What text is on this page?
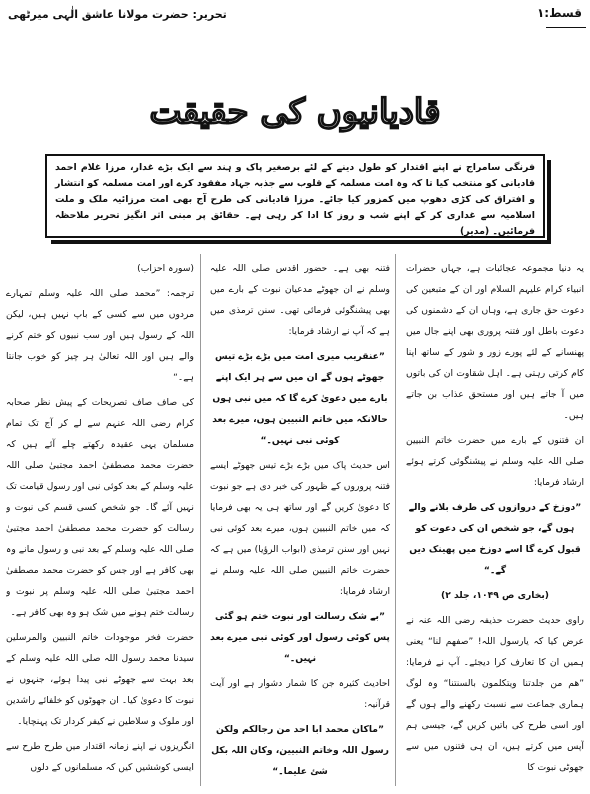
قسط:۱
تحریر: حضرت مولانا عاشق الٰہی میرٹھی
قادیانیوں کی حقیقت
فرنگی سامراج نے اپنے اقتدار کو طول دینے کے لئے برصغیر پاک و ہند سے ایک بڑے غدار، مرزا غلام احمد قادیانی کو منتخب کیا تا کہ وہ امت مسلمہ کے قلوب سے جذبہ جہاد مفقود کرے اور امت مسلمہ کو انتشار و افتراق کی کڑی دھوپ میں کمزور کیا جائے۔ مرزا قادیانی کی طرح آج بھی امت مرزائیہ ملک و ملت اسلامیہ سے غداری کر کے اپنے شب و روز کا ادا کر رہی ہے۔ حقائق پر مبنی اثر انگیز تحریر ملاحظہ فرمائیں۔ (مدیر)

یہ دنیا مجموعہ عجائبات ہے، جہاں حضرات انبیاء کرام علیہم السلام اور ان کے متبعین کی دعوت حق جاری ہے، وہاں ان کے دشمنوں کی دعوت باطل اور فتنہ پروری بھی اپنے جال میں پھنسانے کے لئے پورے زور و شور کے ساتھ اپنا کام کرتی رہتی ہے۔ اہل شقاوت ان کی باتوں میں آ جاتے ہیں اور مستحق عذاب بن جاتے ہیں۔

ان فتنوں کے بارے میں حضرت خاتم النبیین صلی اللہ علیہ وسلم نے پیشنگوئی کرتے ہوئے ارشاد فرمایا:

”دوزخ کے دروازوں کی طرف بلانے والے ہوں گے، جو شخص ان کی دعوت کو قبول کرے گا اسے دوزخ میں پھینک دیں گے۔“

(بخاری ص ۱۰۴۹، جلد ۲)

راوی حدیث حضرت حذیفہ رضی اللہ عنہ نے عرض کیا کہ یارسول اللہ! ”صفھم لنا“ یعنی ہمیں ان کا تعارف کرا دیجئے۔ آپ نے فرمایا: ”ھم من جلدتنا ویتکلمون بالسنتنا“ وہ لوگ ہماری جماعت سے نسبت رکھنے والے ہوں گے اور اسی طرح کی باتیں کریں گے، جیسی ہم آپس میں کرتے ہیں، ان ہی فتنوں میں سے جھوٹی نبوت کا

فتنہ بھی ہے۔ حضور اقدس صلی اللہ علیہ وسلم نے ان جھوٹے مدعیان نبوت کے بارے میں بھی پیشنگوئی فرمائی تھی۔ سنن ترمذی میں ہے کہ آپ نے ارشاد فرمایا:

”عنقریب میری امت میں بڑے بڑے تیس جھوٹے ہوں گے ان میں سے ہر ایک اپنے بارے میں دعویٰ کرے گا کہ میں نبی ہوں حالانکہ میں خاتم النبیین ہوں، میرے بعد کوئی نبی نہیں۔“

اس حدیث پاک میں بڑے بڑے تیس جھوٹے ایسے فتنہ پروروں کے ظہور کی خبر دی ہے جو نبوت کا دعویٰ کریں گے اور ساتھ ہی یہ بھی فرمایا کہ میں خاتم النبیین ہوں، میرے بعد کوئی نبی نہیں اور سنن ترمذی (ابواب الرؤیا) میں ہے کہ حضرت خاتم النبیین صلی اللہ علیہ وسلم نے ارشاد فرمایا:

”بے شک رسالت اور نبوت ختم ہو گئی پس کوئی رسول اور کوئی نبی میرے بعد نہیں۔“

احادیث کثیرہ جن کا شمار دشوار ہے اور آیت قرآنیہ:

”ماکان محمد ابا احد من رجالکم ولکن رسول اللہ وخاتم النبیین، وکان اللہ بکل شئ علیما۔“

(سورہ احزاب)

ترجمہ: ”محمد صلی اللہ علیہ وسلم تمہارے مردوں میں سے کسی کے باپ نہیں ہیں، لیکن اللہ کے رسول ہیں اور سب نبیوں کو ختم کرنے والے ہیں اور اللہ تعالیٰ ہر چیز کو خوب جانتا ہے۔“

کی صاف صاف تصریحات کے پیش نظر صحابہ کرام رضی اللہ عنہم سے لے کر آج تک تمام مسلمان یہی عقیدہ رکھتے چلے آئے ہیں کہ حضرت محمد مصطفیٰ احمد مجتبیٰ صلی اللہ علیہ وسلم کے بعد کوئی نبی اور رسول قیامت تک نہیں آئے گا۔ جو شخص کسی قسم کی نبوت و رسالت کو حضرت محمد مصطفیٰ احمد مجتبیٰ صلی اللہ علیہ وسلم کے بعد نبی و رسول مانے وہ بھی کافر ہے اور جس کو حضرت محمد مصطفیٰ احمد مجتبیٰ صلی اللہ علیہ وسلم پر نبوت و رسالت ختم ہونے میں شک ہو وہ بھی کافر ہے۔

حضرت فخر موجودات خاتم النبیین والمرسلین سیدنا محمد رسول اللہ صلی اللہ علیہ وسلم کے بعد بہت سے جھوٹے نبی پیدا ہوئے، جنہوں نے نبوت کا دعویٰ کیا۔ ان جھوٹوں کو خلفائے راشدین اور ملوک و سلاطین نے کیفر کردار تک پہنچایا۔

انگریزوں نے اپنے زمانہ اقتدار میں طرح طرح سے ایسی کوششیں کیں کہ مسلمانوں کے دلوں
